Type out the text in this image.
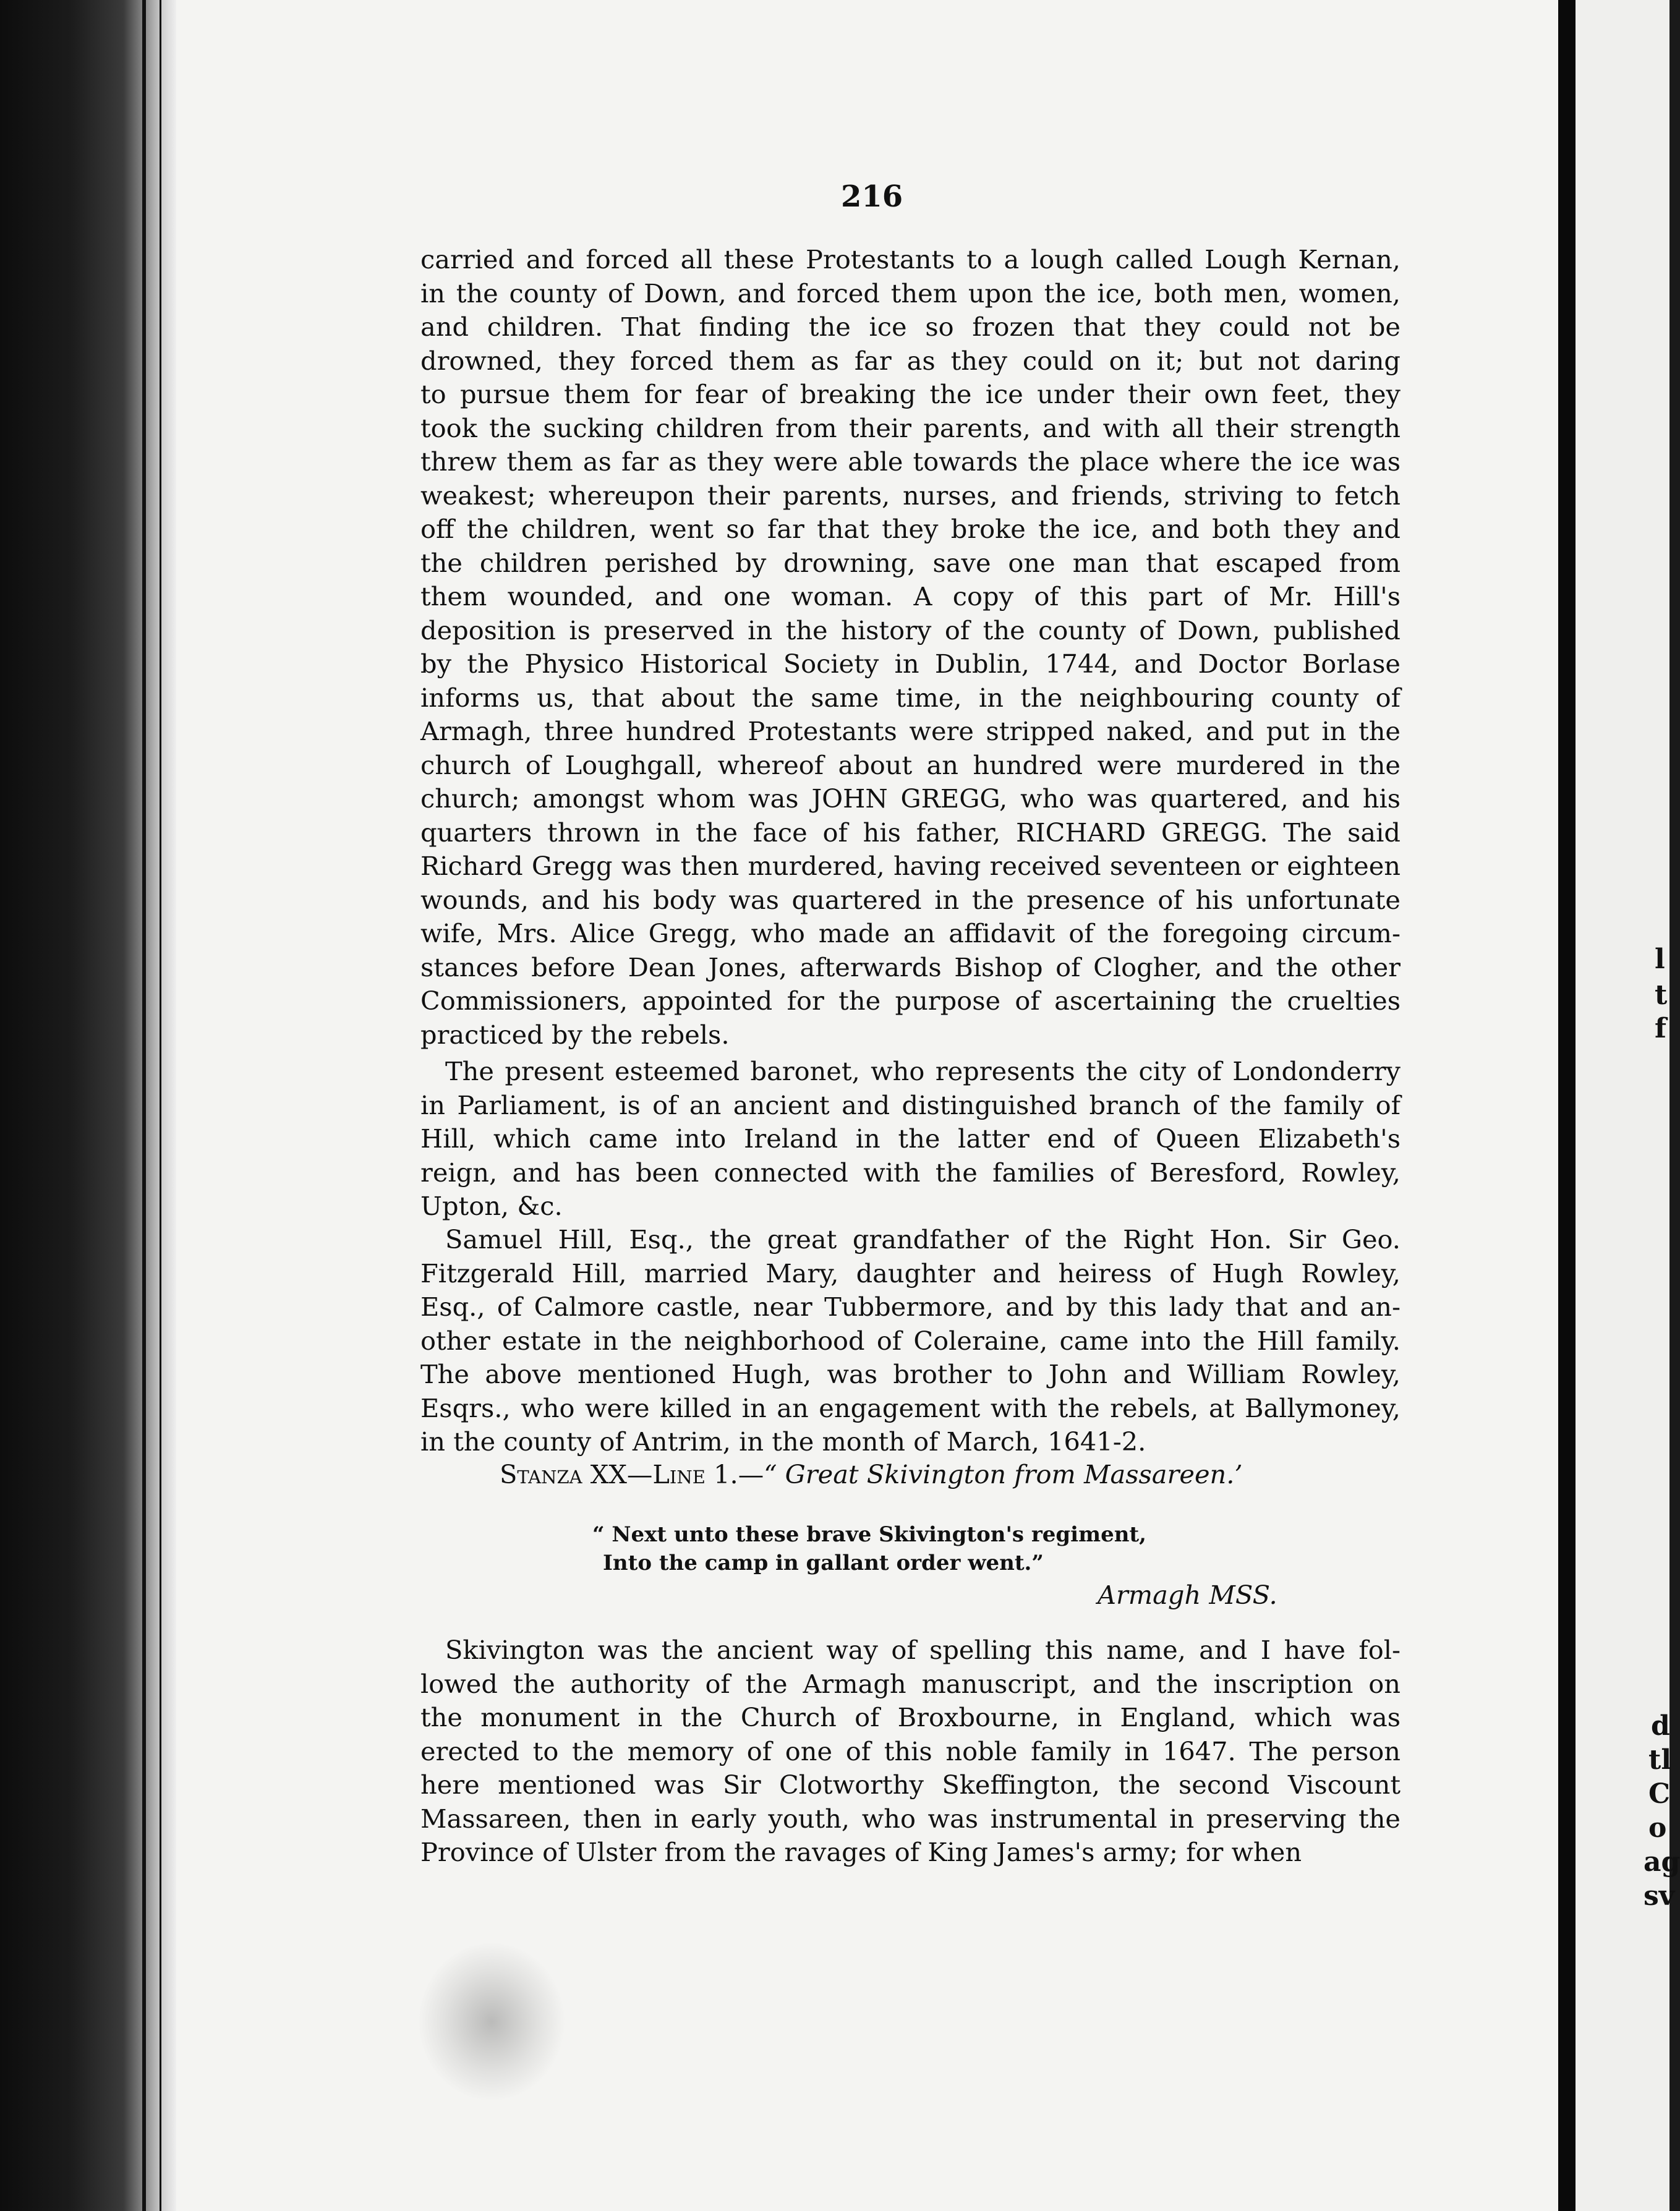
l
t
f
d
tl
C
o
ag
sv
216
carried and forced all these Protestants to a lough called Lough Kernan,
in the county of Down, and forced them upon the ice, both men, women,
and children. That finding the ice so frozen that they could not be
drowned, they forced them as far as they could on it; but not daring
to pursue them for fear of breaking the ice under their own feet, they
took the sucking children from their parents, and with all their strength
threw them as far as they were able towards the place where the ice was
weakest; whereupon their parents, nurses, and friends, striving to fetch
off the children, went so far that they broke the ice, and both they and
the children perished by drowning, save one man that escaped from
them wounded, and one woman. A copy of this part of Mr. Hill's
deposition is preserved in the history of the county of Down, published
by the Physico Historical Society in Dublin, 1744, and Doctor Borlase
informs us, that about the same time, in the neighbouring county of
Armagh, three hundred Protestants were stripped naked, and put in the
church of Loughgall, whereof about an hundred were murdered in the
church; amongst whom was JOHN GREGG, who was quartered, and his
quarters thrown in the face of his father, RICHARD GREGG. The said
Richard Gregg was then murdered, having received seventeen or eighteen
wounds, and his body was quartered in the presence of his unfortunate
wife, Mrs. Alice Gregg, who made an affidavit of the foregoing circum-
stances before Dean Jones, afterwards Bishop of Clogher, and the other
Commissioners, appointed for the purpose of ascertaining the cruelties
practiced by the rebels.
The present esteemed baronet, who represents the city of Londonderry
in Parliament, is of an ancient and distinguished branch of the family of
Hill, which came into Ireland in the latter end of Queen Elizabeth's
reign, and has been connected with the families of Beresford, Rowley,
Upton, &c.
Samuel Hill, Esq., the great grandfather of the Right Hon. Sir Geo.
Fitzgerald Hill, married Mary, daughter and heiress of Hugh Rowley,
Esq., of Calmore castle, near Tubbermore, and by this lady that and an-
other estate in the neighborhood of Coleraine, came into the Hill family.
The above mentioned Hugh, was brother to John and William Rowley,
Esqrs., who were killed in an engagement with the rebels, at Ballymoney,
in the county of Antrim, in the month of March, 1641-2.
Stanza XX—Line 1.—“ Great Skivington from Massareen.’
“ Next unto these brave Skivington's regiment,
Into the camp in gallant order went.”
Armagh MSS.
Skivington was the ancient way of spelling this name, and I have fol-
lowed the authority of the Armagh manuscript, and the inscription on
the monument in the Church of Broxbourne, in England, which was
erected to the memory of one of this noble family in 1647. The person
here mentioned was Sir Clotworthy Skeffington, the second Viscount
Massareen, then in early youth, who was instrumental in preserving the
Province of Ulster from the ravages of King James's army; for when
